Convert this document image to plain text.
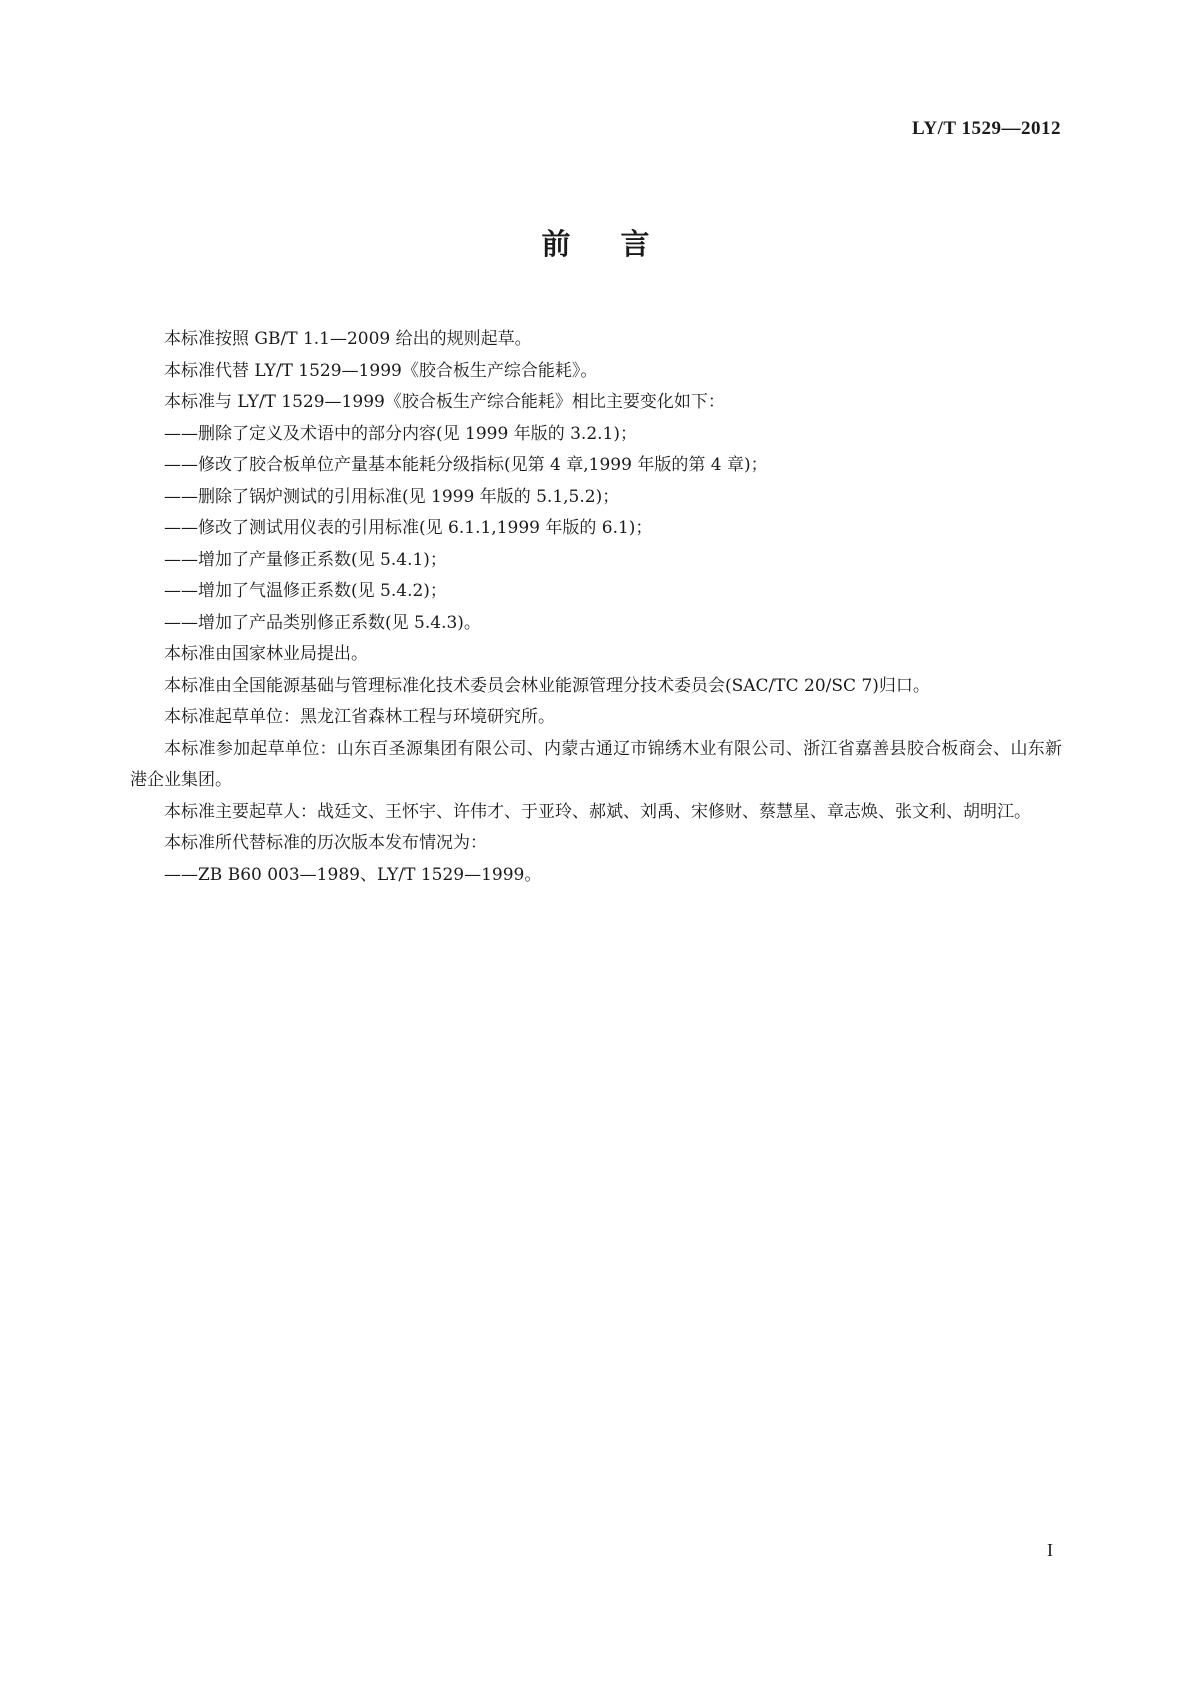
LY/T 1529—2012
前言

本标准按照 GB/T 1.1—2009 给出的规则起草。

本标准代替 LY/T 1529—1999《胶合板生产综合能耗》。

本标准与 LY/T 1529—1999《胶合板生产综合能耗》相比主要变化如下：

——删除了定义及术语中的部分内容(见 1999 年版的 3.2.1)；

——修改了胶合板单位产量基本能耗分级指标(见第 4 章,1999 年版的第 4 章)；

——删除了锅炉测试的引用标准(见 1999 年版的 5.1,5.2)；

——修改了测试用仪表的引用标准(见 6.1.1,1999 年版的 6.1)；

——增加了产量修正系数(见 5.4.1)；

——增加了气温修正系数(见 5.4.2)；

——增加了产品类别修正系数(见 5.4.3)。

本标准由国家林业局提出。

本标准由全国能源基础与管理标准化技术委员会林业能源管理分技术委员会(SAC/TC 20/SC 7)归口。

本标准起草单位：黑龙江省森林工程与环境研究所。

本标准参加起草单位：山东百圣源集团有限公司、内蒙古通辽市锦绣木业有限公司、浙江省嘉善县胶合板商会、山东新港企业集团。

本标准主要起草人：战廷文、王怀宇、许伟才、于亚玲、郝斌、刘禹、宋修财、蔡慧星、章志焕、张文利、胡明江。

本标准所代替标准的历次版本发布情况为：

——ZB B60 003—1989、LY/T 1529—1999。

I
